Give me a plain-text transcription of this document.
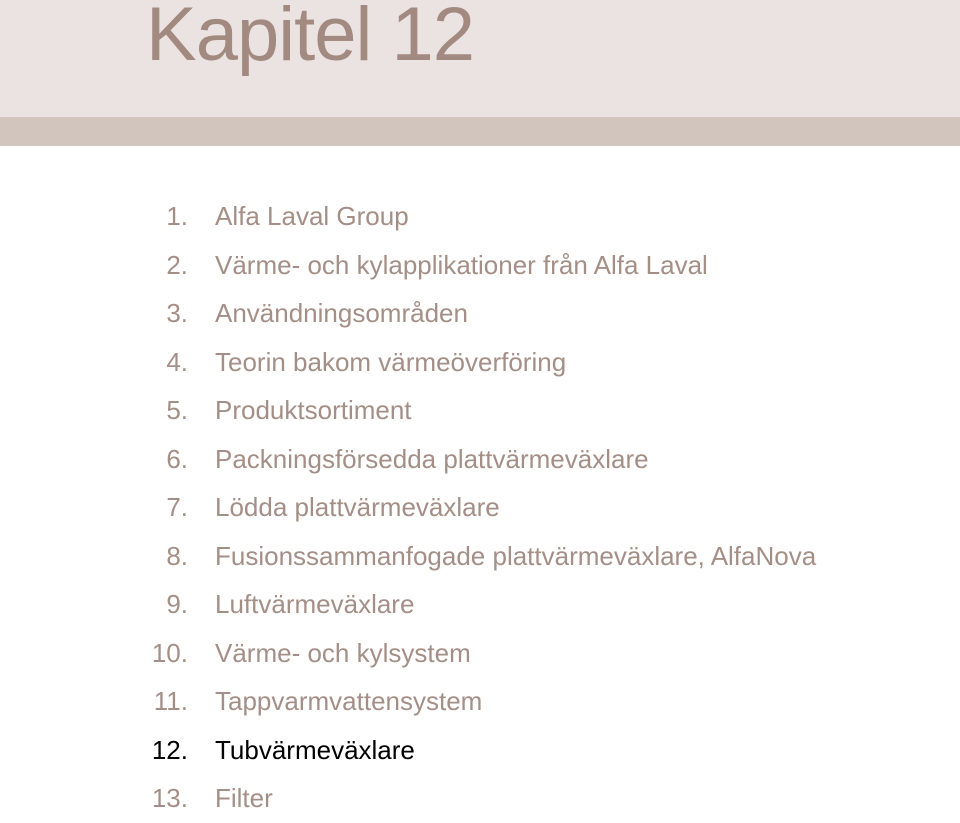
Kapitel 12
1. Alfa Laval Group
2. Värme- och kylapplikationer från Alfa Laval
3. Användningsområden
4. Teorin bakom värmeöverföring
5. Produktsortiment
6. Packningsförsedda plattvärmeväxlare
7. Lödda plattvärmeväxlare
8. Fusionssammanfogade plattvärmeväxlare, AlfaNova
9. Luftvärmeväxlare
10. Värme- och kylsystem
11. Tappvarmvattensystem
12. Tubvärmeväxlare
13. Filter
